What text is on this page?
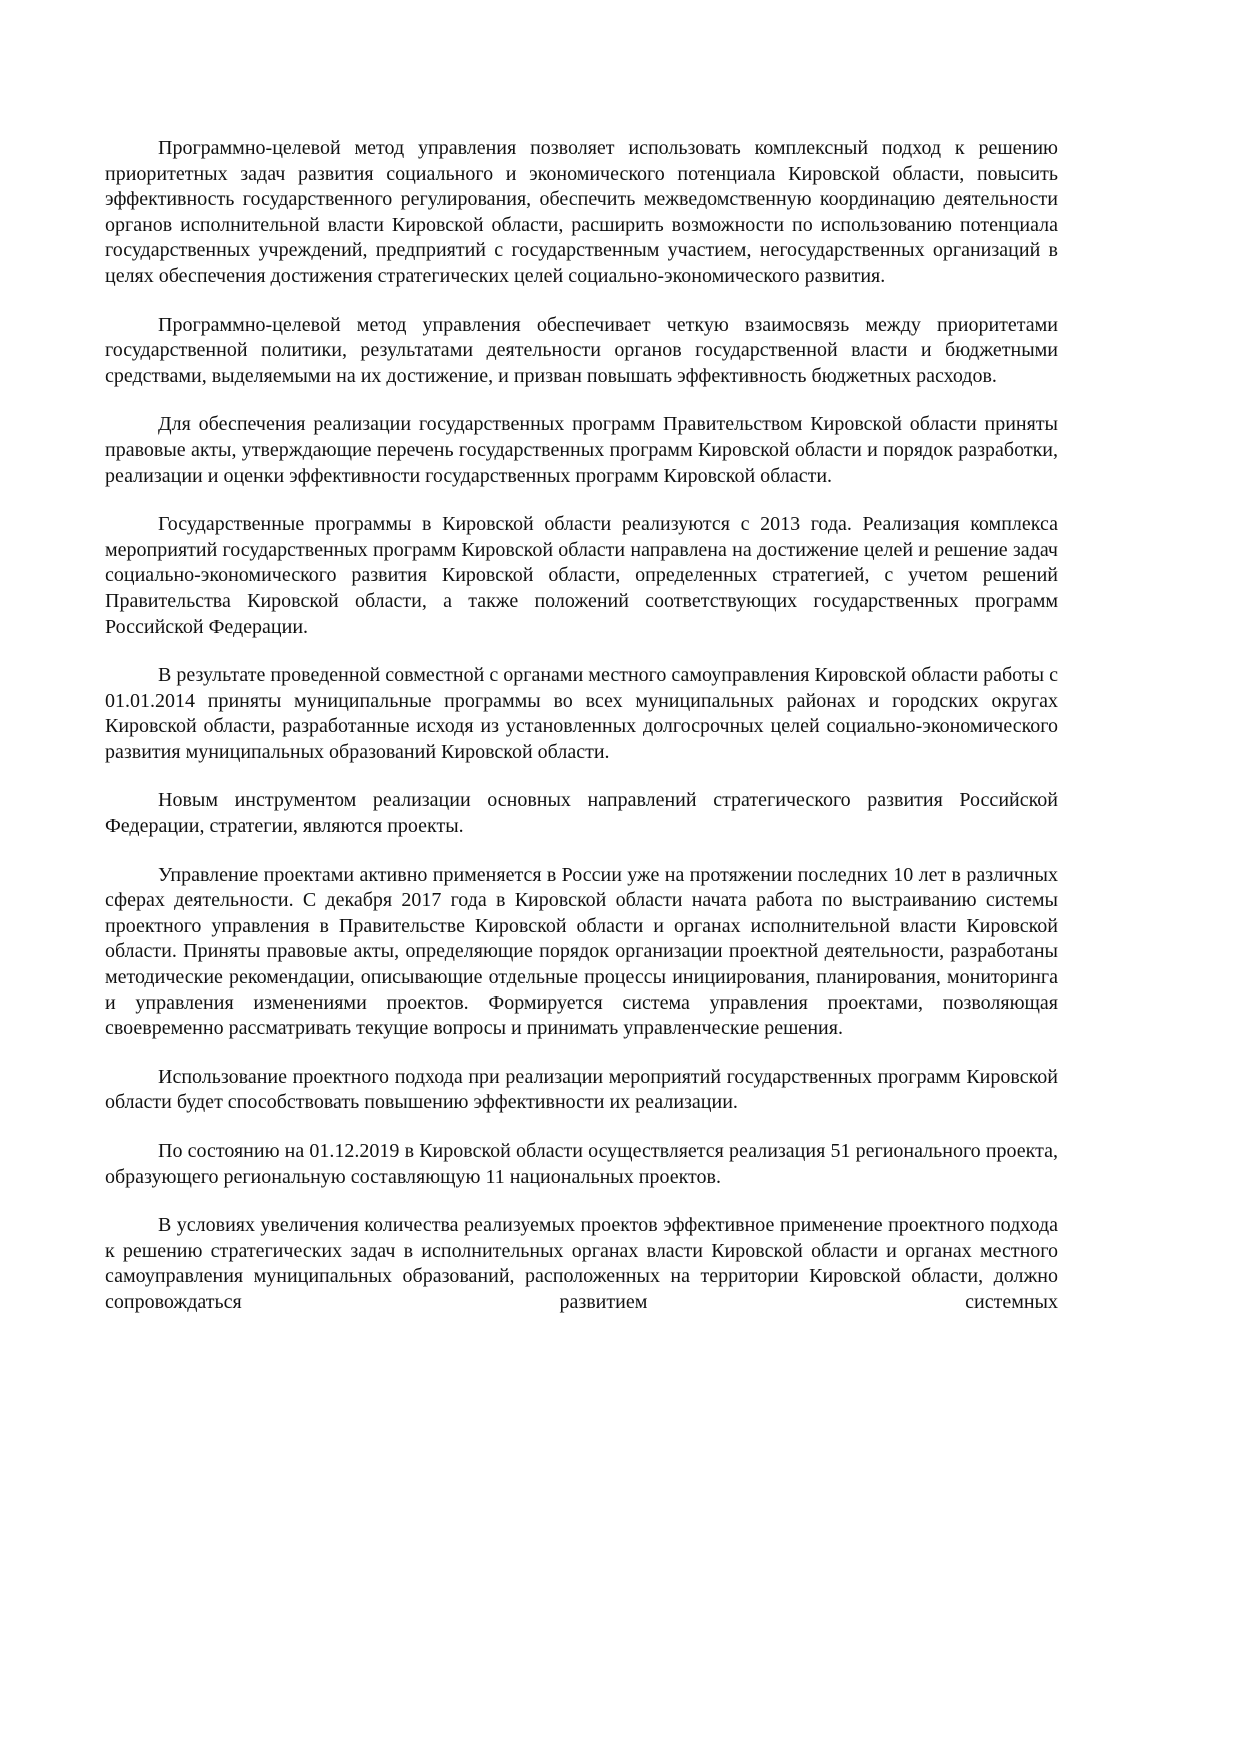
Программно-целевой метод управления позволяет использовать комплексный подход к решению приоритетных задач развития социального и экономического потенциала Кировской области, повысить эффективность государственного регулирования, обеспечить межведомственную координацию деятельности органов исполнительной власти Кировской области, расширить возможности по использованию потенциала государственных учреждений, предприятий с государственным участием, негосударственных организаций в целях обеспечения достижения стратегических целей социально-экономического развития.

Программно-целевой метод управления обеспечивает четкую взаимосвязь между приоритетами государственной политики, результатами деятельности органов государственной власти и бюджетными средствами, выделяемыми на их достижение, и призван повышать эффективность бюджетных расходов.

Для обеспечения реализации государственных программ Правительством Кировской области приняты правовые акты, утверждающие перечень государственных программ Кировской области и порядок разработки, реализации и оценки эффективности государственных программ Кировской области.

Государственные программы в Кировской области реализуются с 2013 года. Реализация комплекса мероприятий государственных программ Кировской области направлена на достижение целей и решение задач социально-экономического развития Кировской области, определенных стратегией, с учетом решений Правительства Кировской области, а также положений соответствующих государственных программ Российской Федерации.

В результате проведенной совместной с органами местного самоуправления Кировской области работы с 01.01.2014 приняты муниципальные программы во всех муниципальных районах и городских округах Кировской области, разработанные исходя из установленных долгосрочных целей социально-экономического развития муниципальных образований Кировской области.

Новым инструментом реализации основных направлений стратегического развития Российской Федерации, стратегии, являются проекты.

Управление проектами активно применяется в России уже на протяжении последних 10 лет в различных сферах деятельности. С декабря 2017 года в Кировской области начата работа по выстраиванию системы проектного управления в Правительстве Кировской области и органах исполнительной власти Кировской области. Приняты правовые акты, определяющие порядок организации проектной деятельности, разработаны методические рекомендации, описывающие отдельные процессы инициирования, планирования, мониторинга и управления изменениями проектов. Формируется система управления проектами, позволяющая своевременно рассматривать текущие вопросы и принимать управленческие решения.

Использование проектного подхода при реализации мероприятий государственных программ Кировской области будет способствовать повышению эффективности их реализации.

По состоянию на 01.12.2019 в Кировской области осуществляется реализация 51 регионального проекта, образующего региональную составляющую 11 национальных проектов.

В условиях увеличения количества реализуемых проектов эффективное применение проектного подхода к решению стратегических задач в исполнительных органах власти Кировской области и органах местного самоуправления муниципальных образований, расположенных на территории Кировской области, должно сопровождаться развитием системных
